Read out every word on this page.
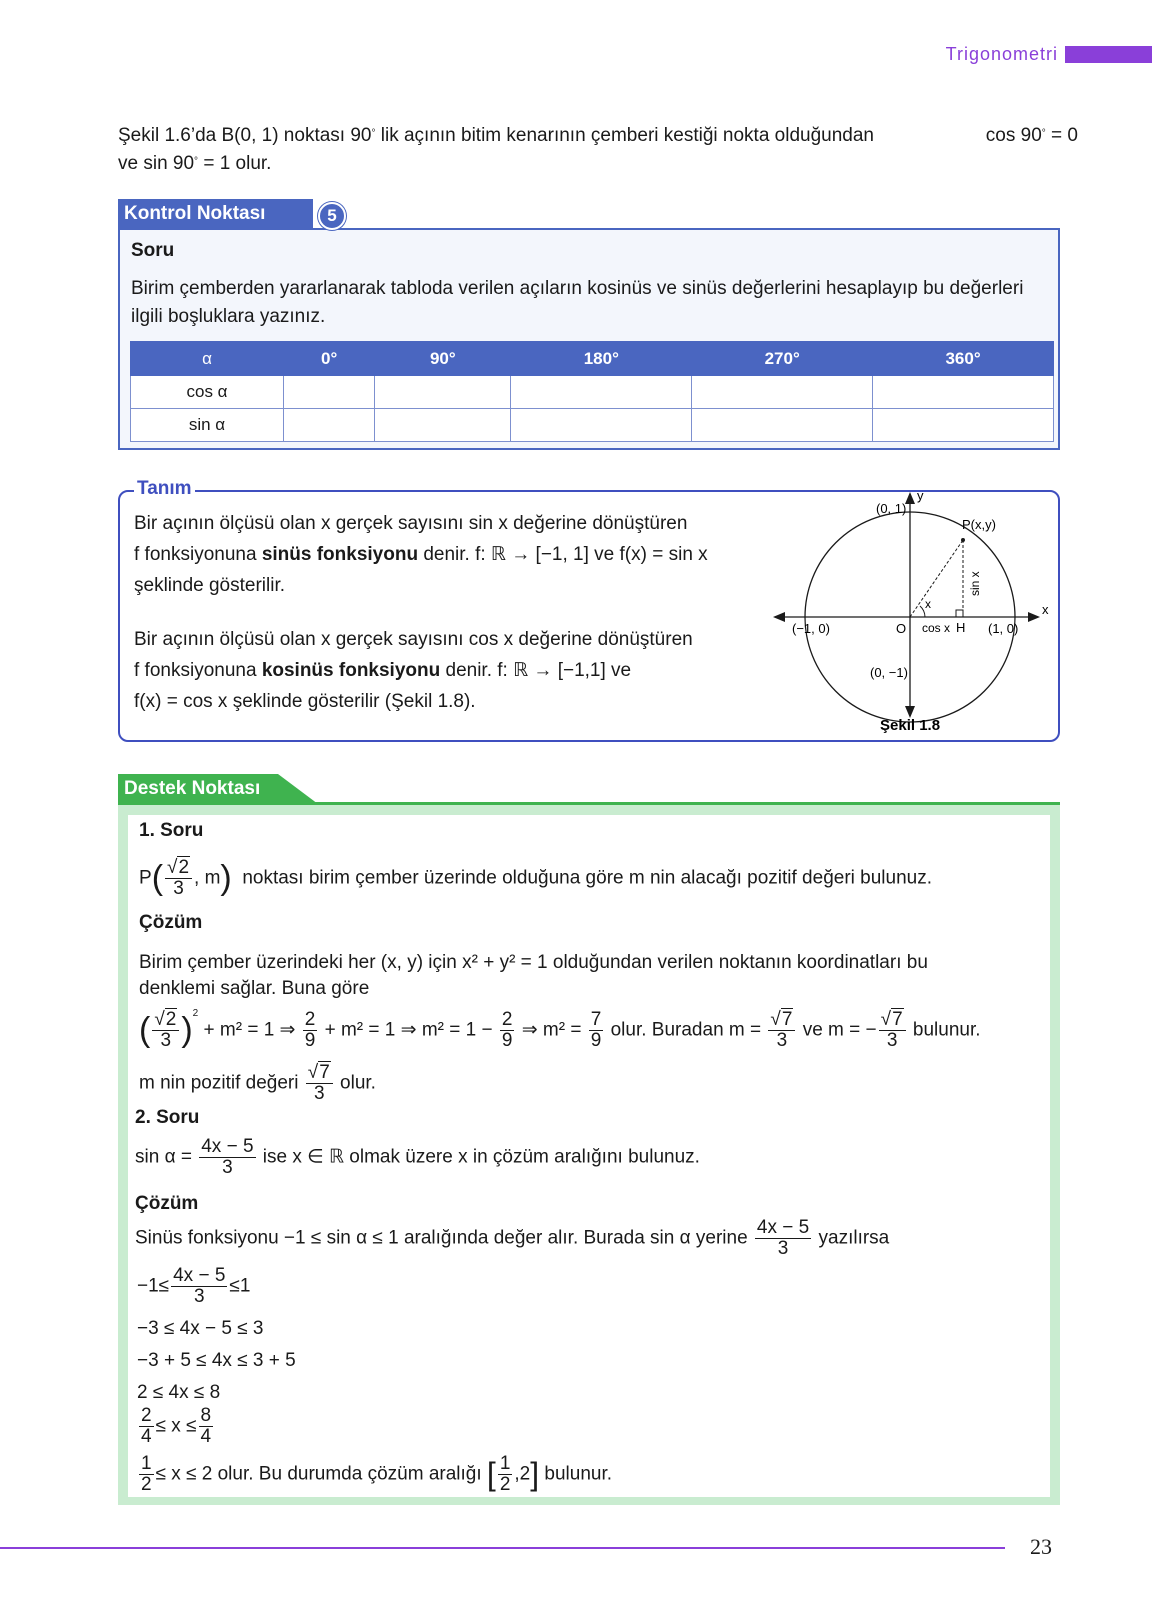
Trigonometri
Şekil 1.6’da B(0, 1) noktası 90° lik açının bitim kenarının çemberi kestiği nokta olduğundan	cos 90° = 0
ve sin 90° = 1 olur.
Kontrol Noktası	5
Soru
Birim çemberden yararlanarak tabloda verilen açıların kosinüs ve sinüs değerlerini hesaplayıp bu değerleri ilgili boşluklara yazınız.
α	0°	90°	180°	270°	360°
cos α					
sin α					
Tanım
Bir açının ölçüsü olan x gerçek sayısını sin x değerine dönüştüren
f fonksiyonuna sinüs fonksiyonu denir. f: ℝ → [−1, 1] ve f(x) = sin x
şeklinde gösterilir.
Bir açının ölçüsü olan x gerçek sayısını cos x değerine dönüştüren
f fonksiyonuna kosinüs fonksiyonu denir. f: ℝ → [−1,1] ve
f(x) = cos x şeklinde gösterilir (Şekil 1.8).
y
x
(0, 1)
(0, −1)
(−1, 0)	(1, 0)
P(x,y)
O	H
x
cos x
sin x
Şekil 1.8
Destek Noktası
1. Soru
$P( \frac{√2}{3}$ , m) noktası birim çember üzerinde olduğuna göre m nin alacağı pozitif değeri bulunuz.
Çözüm
Birim çember üzerindeki her (x, y) için x² + y² = 1 olduğundan verilen noktanın koordinatları bu
denklemi sağlar. Buna göre
( $\frac{√2}{3} )^2 + m^2 = 1$ ⇒ $\frac{2}{9} + m^2 = 1$ ⇒ $m^2 = 1 - \frac{2}{9}$ ⇒ $m^2 = \frac{7}{9}$ olur. Buradan $m = \frac{√7}{3}$ ve m = − $\frac{√7}{3}$ bulunur.
m nin pozitif değeri $\frac{√7}{3}$ olur.
2. Soru
$\sin \alpha = \frac{4x - 5}{3}$ ise x ∈ ℝ olmak üzere x in çözüm aralığını bulunuz.
Çözüm
Sinüs fonksiyonu −1 ≤ sin α ≤ 1 aralığında değer alır. Burada sin α yerine $\frac{4x - 5}{3}$ yazılırsa
$-1\le \frac{4x - 5}{3} \le 1$
−3 ≤ 4x − 5 ≤ 3
−3 + 5 ≤ 4x ≤ 3 + 5
2 ≤ 4x ≤ 8
$\frac{2}{4} \le x \le \frac{8}{4}$
$\frac{1}{2} \le x \le 2$ olur. Bu durumda çözüm aralığı [ $\frac{1}{2} ,2$] bulunur.
23
